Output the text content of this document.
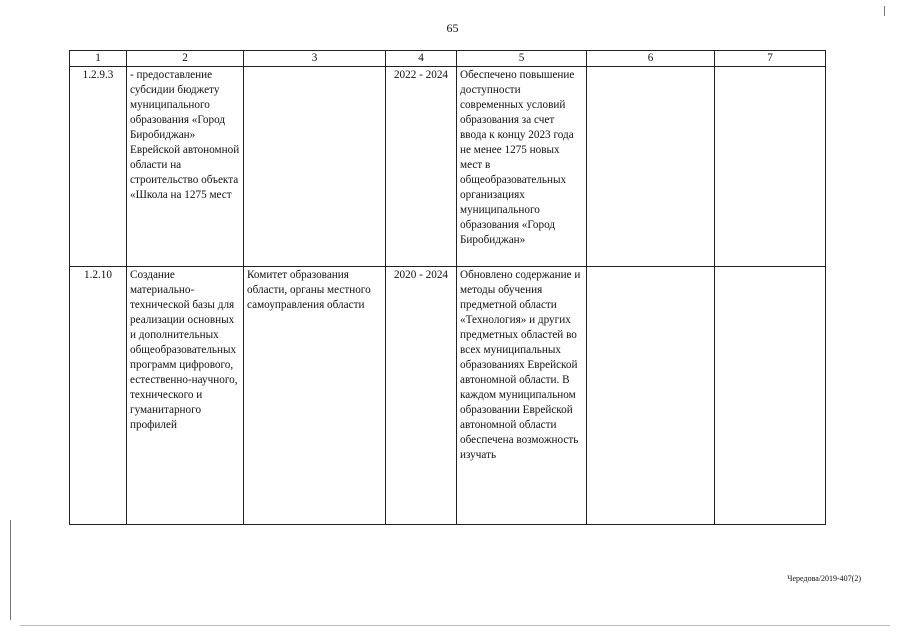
65
1	2	3	4	5	6	7
1.2.9.3	- предоставление субсидии бюджету муниципального образования «Город Биробиджан» Еврейской автономной области на строительство объекта «Школа на 1275 мест		2022 - 2024	Обеспечено повышение доступности современных условий образования за счет ввода к концу 2023 года не менее 1275 новых мест в общеобразовательных организациях муниципального образования «Город Биробиджан»		
1.2.10	Создание материально-технической базы для реализации основных и дополнительных общеобразовательных программ цифрового, естественно-научного, технического и гуманитарного профилей	Комитет образования области, органы местного самоуправления области	2020 - 2024	Обновлено содержание и методы обучения предметной области «Технология» и других предметных областей во всех муниципальных образованиях Еврейской автономной области. В каждом муниципальном образовании Еврейской автономной области обеспечена возможность изучать		
Чередова/2019-407(2)
